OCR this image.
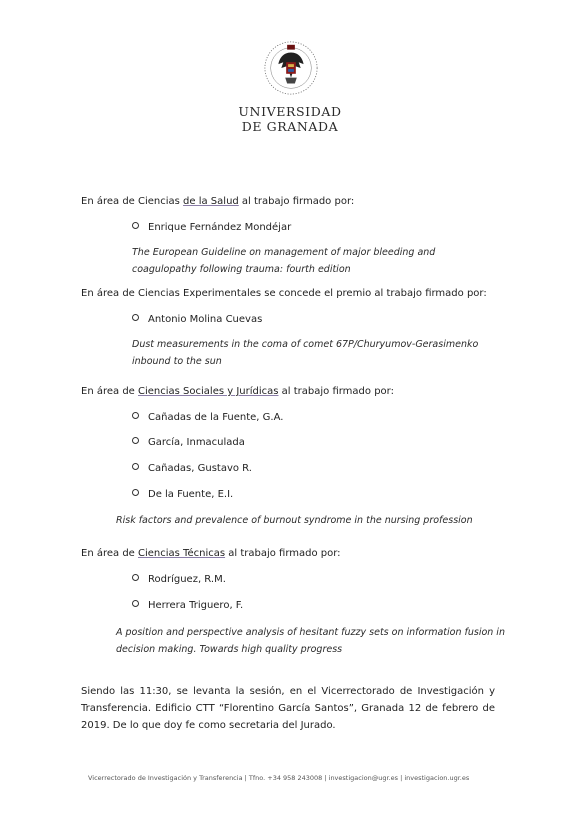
UNIVERSIDAD
DE GRANADA
En área de Ciencias de la Salud al trabajo firmado por:
Enrique Fernández Mondéjar
The European Guideline on management of major bleeding and coagulopathy following trauma: fourth edition
En área de Ciencias Experimentales se concede el premio al trabajo firmado por:
Antonio Molina Cuevas
Dust measurements in the coma of comet 67P/Churyumov-Gerasimenko inbound to the sun
En área de Ciencias Sociales y Jurídicas al trabajo firmado por:
Cañadas de la Fuente, G.A.
García, Inmaculada
Cañadas, Gustavo R.
De la Fuente, E.I.
Risk factors and prevalence of burnout syndrome in the nursing profession
En área de Ciencias Técnicas al trabajo firmado por:
Rodríguez, R.M.
Herrera Triguero, F.
A position and perspective analysis of hesitant fuzzy sets on information fusion in decision making. Towards high quality progress
Siendo las 11:30, se levanta la sesión, en el Vicerrectorado de Investigación y Transferencia. Edificio CTT “Florentino García Santos”, Granada 12 de febrero de 2019. De lo que doy fe como secretaria del Jurado.
Vicerrectorado de Investigación y Transferencia | Tfno. +34 958 243008 | investigacion@ugr.es | investigacion.ugr.es
